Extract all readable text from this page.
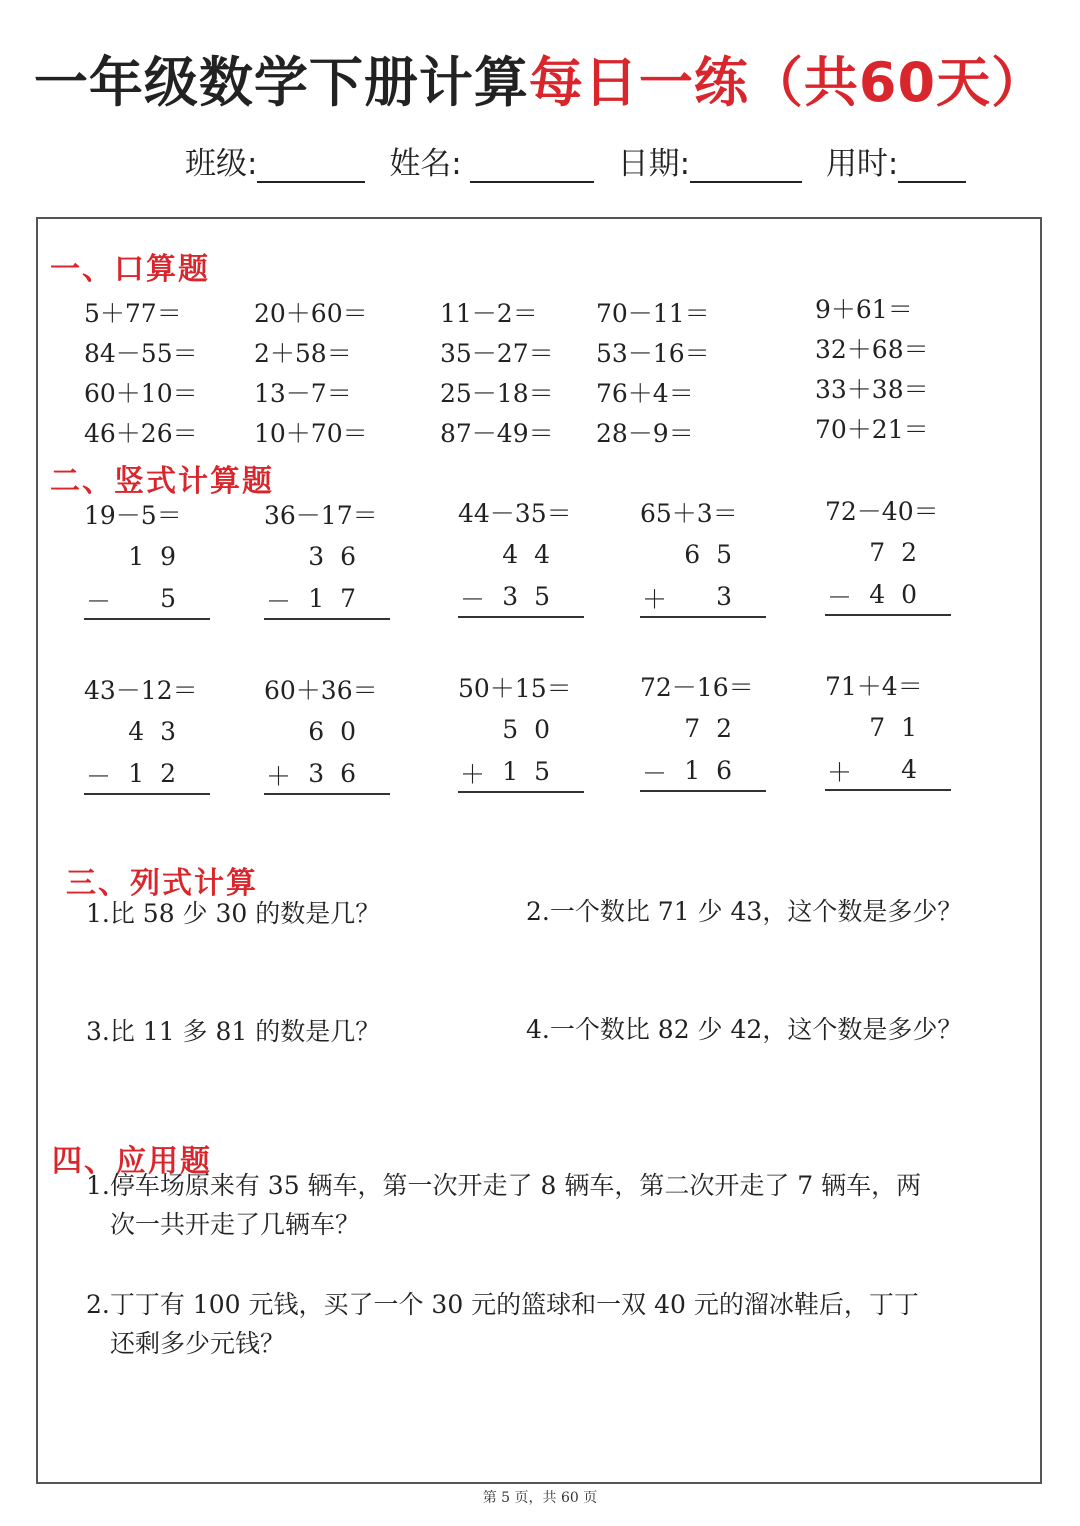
一年级数学下册计算每日一练（共60天）
班级:	姓名:	日期:	用时:
一、口算题
5＋77＝	20＋60＝	11－2＝ 70－11＝	9＋61＝
84－55＝ 2＋58＝	35－27＝ 53－16＝	32＋68＝
60＋10＝ 13－7＝	25－18＝ 76＋4＝	33＋38＝
46＋26＝ 10＋70＝	87－49＝ 28－9＝	70＋21＝
二、竖式计算题
19－5＝
19
－ 5
36－17＝
36
－ 17
44－35＝
44
－ 35
65＋3＝
65
＋ 3
72－40＝
72
－ 40
43－12＝
43
－ 12
60＋36＝
60
＋ 36
50＋15＝
50
＋ 15
72－16＝
72
－ 16
71＋4＝
71
＋ 4
三、列式计算
1.比 58 少 30 的数是几？	2.一个数比 71 少 43，这个数是多少？
3.比 11 多 81 的数是几？	4.一个数比 82 少 42，这个数是多少？
四、应用题
1.停车场原来有 35 辆车，第一次开走了 8 辆车，第二次开走了 7 辆车，两
次一共开走了几辆车？
2.丁丁有 100 元钱，买了一个 30 元的篮球和一双 40 元的溜冰鞋后，丁丁
还剩多少元钱？
第 5 页，共 60 页
